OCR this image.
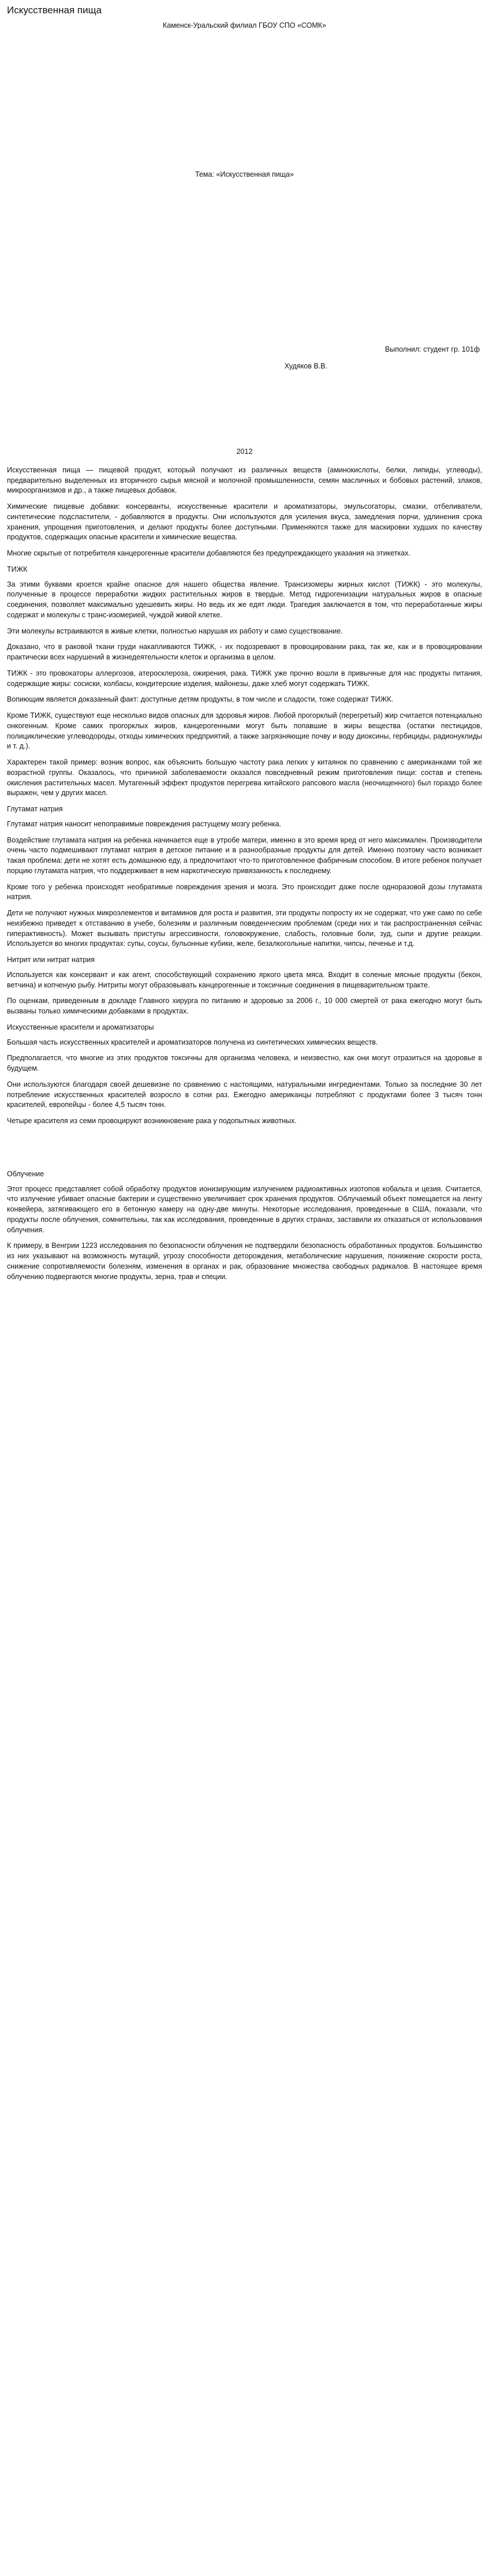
Искусственная пища
Каменск-Уральский филиал ГБОУ СПО «СОМК»
Тема: «Искусственная пища»
Выполнил: студент гр. 101ф
Худяков В.В.
2012

Искусственная пища — пищевой продукт, который получают из различных веществ (аминокислоты, белки, липиды, углеводы), предварительно выделенных из вторичного сырья мясной и молочной промышленности, семян масличных и бобовых растений, злаков, микроорганизмов и др., а также пищевых добавок.

Химические пищевые добавки: консерванты, искусственные красители и ароматизаторы, эмульсогаторы, смазки, отбеливатели, синтетические подсластители, - добавляются в продукты. Они используются для усиления вкуса, замедления порчи, удлинения срока хранения, упрощения приготовления, и делают продукты более доступными. Применяются также для маскировки худших по качеству продуктов, содержащих опасные красители и химические вещества.

Многие скрытые от потребителя канцерогенные красители добавляются без предупреждающего указания на этикетках.

ТИЖК

За этими буквами кроется крайне опасное для нашего общества явление. Трансизомеры жирных кислот (ТИЖК) - это молекулы, полученные в процессе переработки жидких растительных жиров в твердые. Метод гидрогенизации натуральных жиров в опасные соединения, позволяет максимально удешевить жиры. Но ведь их же едят люди. Трагедия заключается в том, что переработанные жиры содержат и молекулы с транс-изомерией, чуждой живой клетке.

Эти молекулы встраиваются в живые клетки, полностью нарушая их работу и само существование.

Доказано, что в раковой ткани груди накапливаются ТИЖК, - их подозревают в провоцировании рака, так же, как и в провоцировании практически всех нарушений в жизнедеятельности клеток и организма в целом.

ТИЖК - это провокаторы аллергозов, атеросклероза, ожирения, рака. ТИЖК уже прочно вошли в привычные для нас продукты питания, содержащие жиры: сосиски, колбасы, кондитерские изделия, майонезы, даже хлеб могут содержать ТИЖК.

Вопиющим является доказанный факт: доступные детям продукты, в том числе и сладости, тоже содержат ТИЖК.

Кроме ТИЖК, существуют еще несколько видов опасных для здоровья жиров. Любой прогорклый (перегретый) жир считается потенциально онкогенным. Кроме самих прогорклых жиров, канцерогенными могут быть попавшие в жиры вещества (остатки пестицидов, полициклические углеводороды, отходы химических предприятий, а также загрязняющие почву и воду диоксины, гербициды, радионуклиды и т. д.).

Характерен такой пример: возник вопрос, как объяснить большую частоту рака легких у китаянок по сравнению с американками той же возрастной группы. Оказалось, что причиной заболеваемости оказался повседневный режим приготовления пищи: состав и степень окисления растительных масел. Мутагенный эффект продуктов перегрева китайского рапсового масла (неочищенного) был гораздо более выражен, чем у других масел.

Глутамат натрия

Глутамат натрия наносит непоправимые повреждения растущему мозгу ребенка.

Воздействие глутамата натрия на ребенка начинается еще в утробе матери, именно в это время вред от него максимален. Производители очень часто подмешивают глутамат натрия в детское питание и в разнообразные продукты для детей. Именно поэтому часто возникает такая проблема: дети не хотят есть домашнюю еду, а предпочитают что-то приготовленное фабричным способом. В итоге ребенок получает порцию глутамата натрия, что поддерживает в нем наркотическую привязанность к последнему.

Кроме того у ребенка происходят необратимые повреждения зрения и мозга. Это происходит даже после одноразовой дозы глутамата натрия.

Дети не получают нужных микроэлементов и витаминов для роста и развития, эти продукты попросту их не содержат, что уже само по себе неизбежно приведет к отставанию в учебе, болезням и различным поведенческим проблемам (среди них и так распространенная сейчас гиперактивность). Может вызывать приступы агрессивности, головокружение, слабость, головные боли, зуд, сыпи и другие реакции. Используется во многих продуктах: супы, соусы, бульонные кубики, желе, безалкогольные напитки, чипсы, печенье и т.д.

Нитрит или нитрат натрия

Используется как консервант и как агент, способствующий сохранению яркого цвета мяса. Входит в соленые мясные продукты (бекон, ветчина) и копченую рыбу. Нитриты могут образовывать канцерогенные и токсичные соединения в пищеварительном тракте.

По оценкам, приведенным в докладе Главного хирурга по питанию и здоровью за 2006 г., 10 000 смертей от рака ежегодно могут быть вызваны только химическими добавками в продуктах.

Искусственные красители и ароматизаторы

Большая часть искусственных красителей и ароматизаторов получена из синтетических химических веществ.

Предполагается, что многие из этих продуктов токсичны для организма человека, и неизвестно, как они могут отразиться на здоровье в будущем.

Они используются благодаря своей дешевизне по сравнению с настоящими, натуральными ингредиентами. Только за последние 30 лет потребление искусственных красителей возросло в сотни раз. Ежегодно американцы потребляют с продуктами более 3 тысяч тонн красителей, европейцы - более 4,5 тысяч тонн.

Четыре красителя из семи провоцируют возникновение рака у подопытных животных.

Облучение

Этот процесс представляет собой обработку продуктов ионизирующим излучением радиоактивных изотопов кобальта и цезия. Считается, что излучение убивает опасные бактерии и существенно увеличивает срок хранения продуктов. Облучаемый объект помещается на ленту конвейера, затягивающего его в бетонную камеру на одну-две минуты. Некоторые исследования, проведенные в США, показали, что продукты после облучения, сомнительны, так как исследования, проведенные в других странах, заставили их отказаться от использования облучения.

К примеру, в Венгрии 1223 исследования по безопасности облучения не подтвердили безопасность обработанных продуктов. Большинство из них указывают на возможность мутаций, угрозу способности деторождения, метаболические нарушения, понижение скорости роста, снижение сопротивляемости болезням, изменения в органах и рак, образование множества свободных радикалов. В настоящее время облучению подвергаются многие продукты, зерна, трав и специи.
